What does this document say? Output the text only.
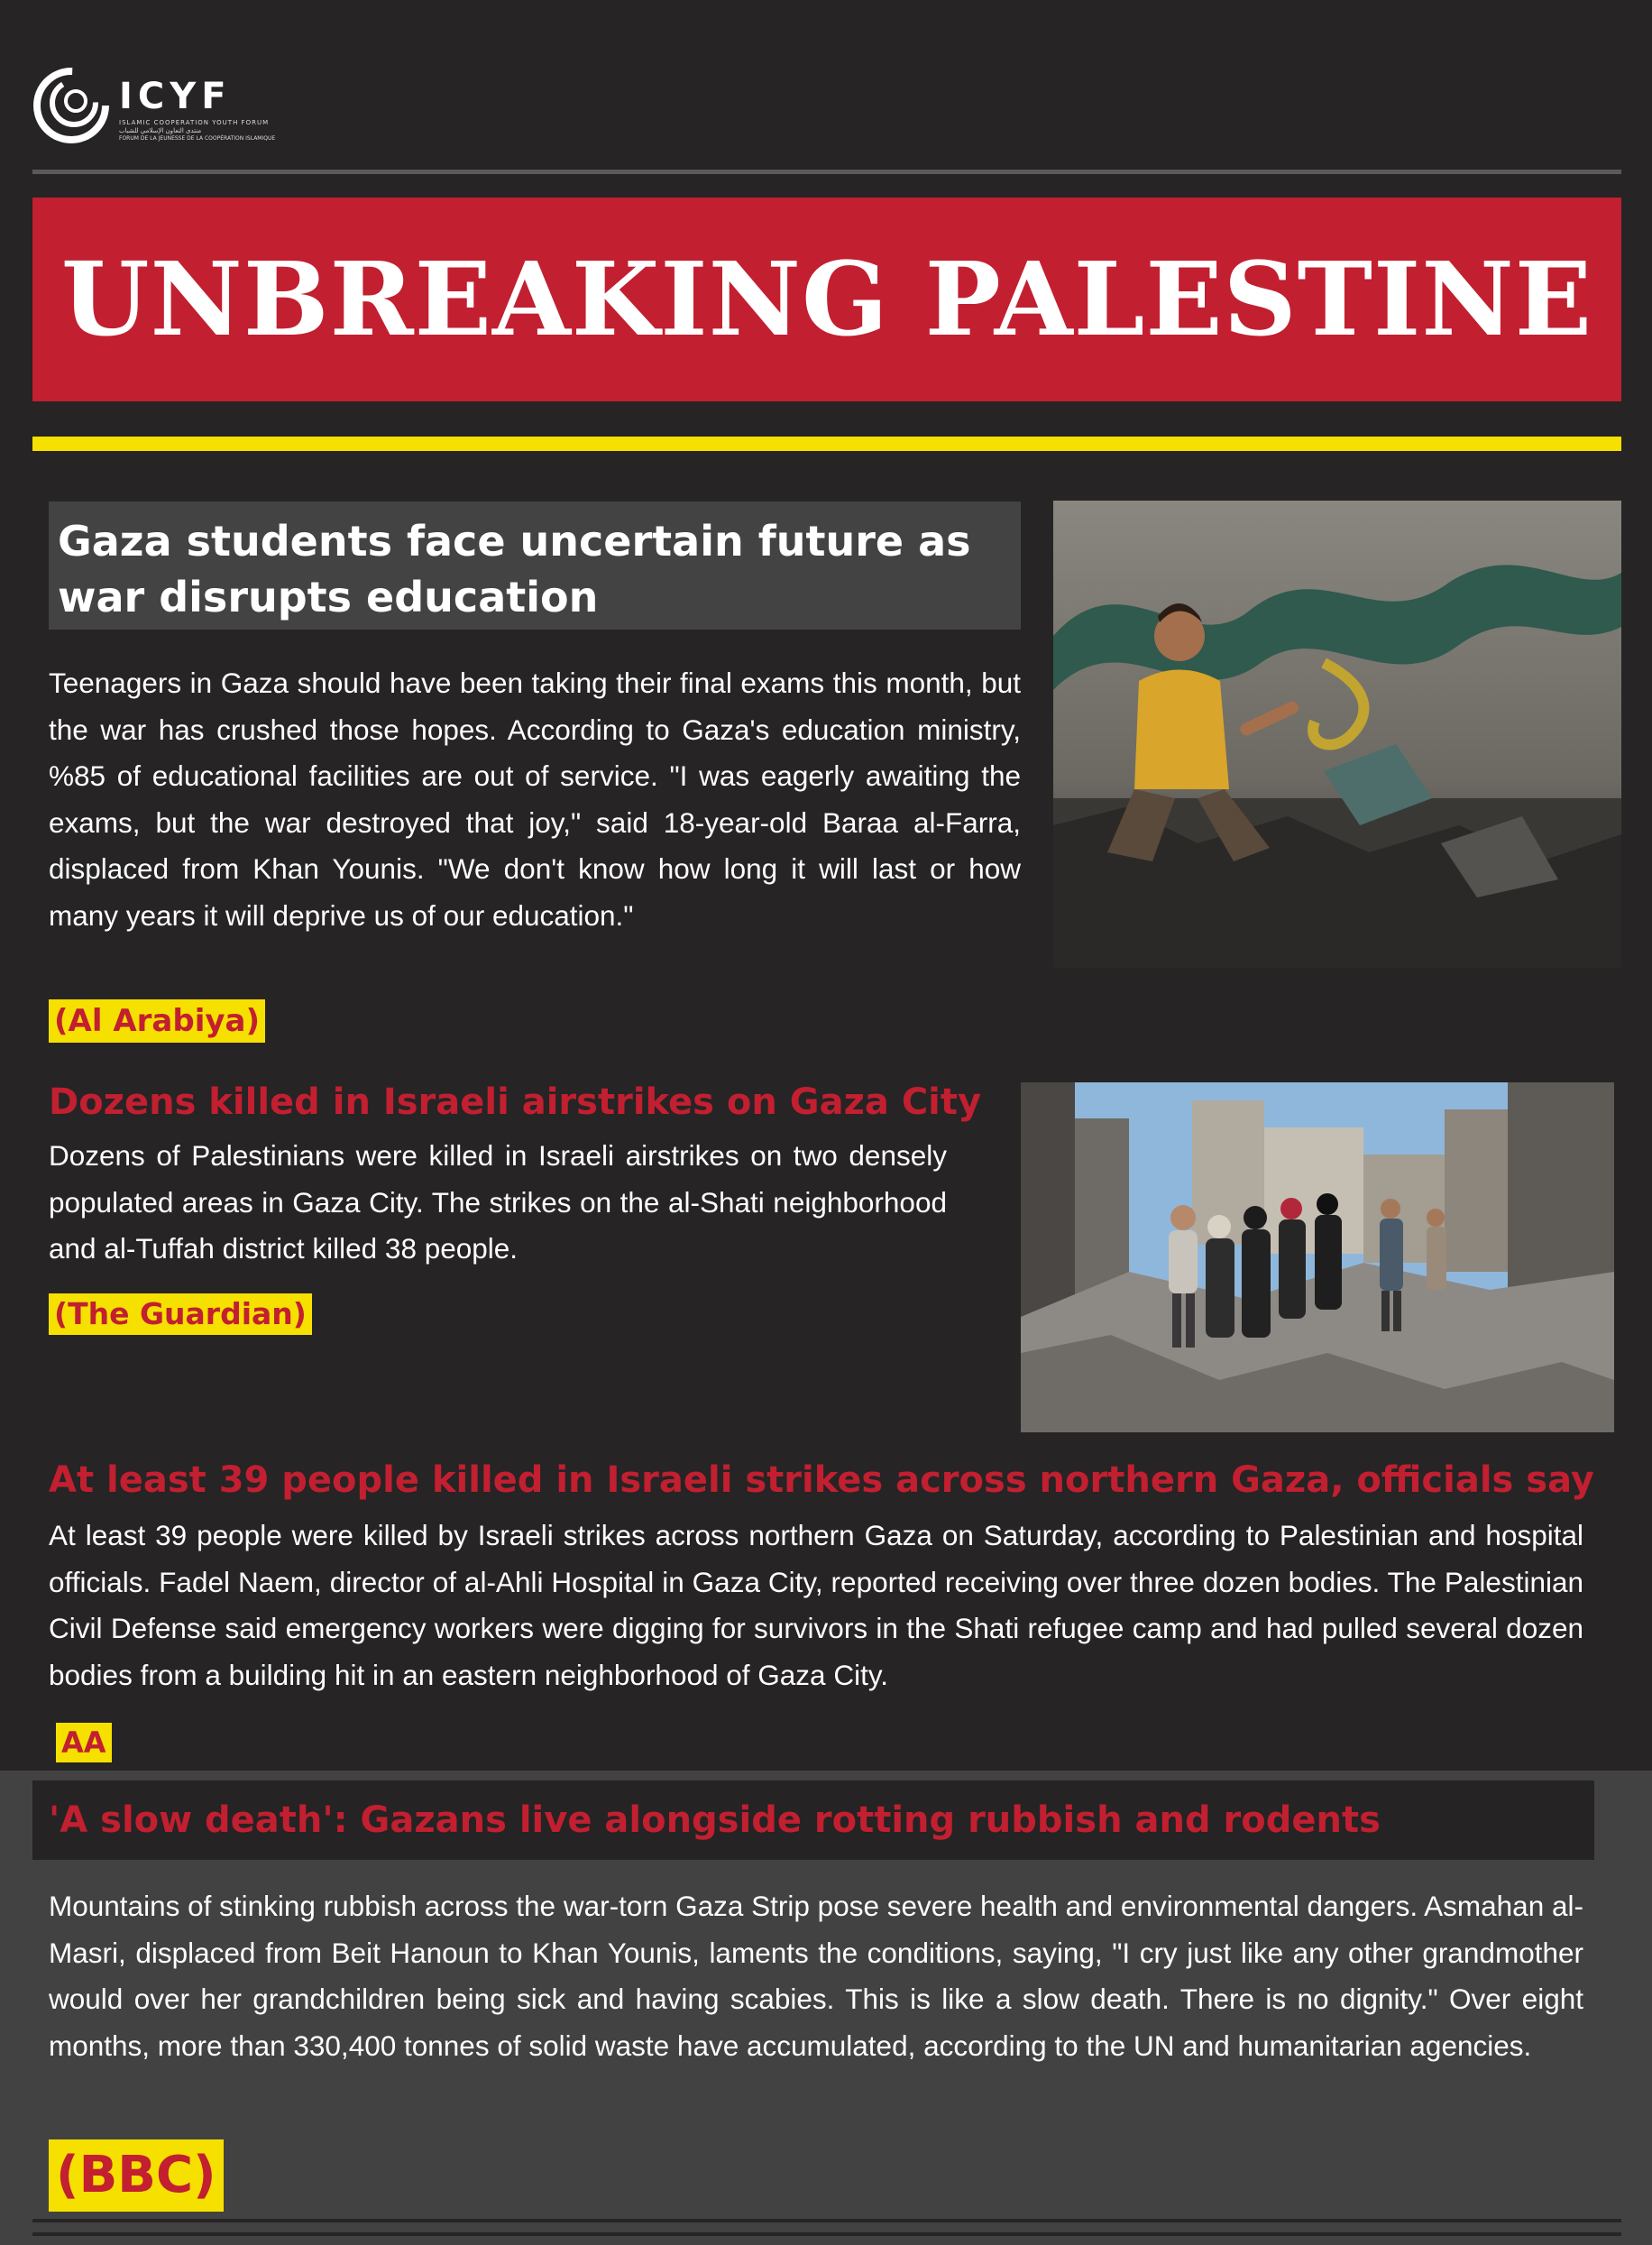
ICYF
ISLAMIC COOPERATION YOUTH FORUM
منتدى التعاون الإسلامي للشباب
FORUM DE LA JEUNESSE DE LA COOPÉRATION ISLAMIQUE
UNBREAKING PALESTINE
Gaza students face uncertain future as war disrupts education
Teenagers in Gaza should have been taking their final exams this month, but the war has crushed those hopes. According to Gaza's education ministry, %85 of educational facilities are out of service. "I was eagerly awaiting the exams, but the war destroyed that joy," said 18-year-old Baraa al-Farra, displaced from Khan Younis. "We don't know how long it will last or how many years it will deprive us of our education."
(Al Arabiya)
Dozens killed in Israeli airstrikes on Gaza City
Dozens of Palestinians were killed in Israeli airstrikes on two densely populated areas in Gaza City. The strikes on the al-Shati neighborhood and al-Tuffah district killed 38 people.
(The Guardian)
At least 39 people killed in Israeli strikes across northern Gaza, officials say
At least 39 people were killed by Israeli strikes across northern Gaza on Saturday, according to Palestinian and hospital officials. Fadel Naem, director of al-Ahli Hospital in Gaza City, reported receiving over three dozen bodies. The Palestinian Civil Defense said emergency workers were digging for survivors in the Shati refugee camp and had pulled several dozen bodies from a building hit in an eastern neighborhood of Gaza City.
AA
'A slow death': Gazans live alongside rotting rubbish and rodents
Mountains of stinking rubbish across the war-torn Gaza Strip pose severe health and environmental dangers. Asmahan al-Masri, displaced from Beit Hanoun to Khan Younis, laments the conditions, saying, "I cry just like any other grandmother would over her grandchildren being sick and having scabies. This is like a slow death. There is no dignity." Over eight months, more than 330,400 tonnes of solid waste have accumulated, according to the UN and humanitarian agencies.
(BBC)
